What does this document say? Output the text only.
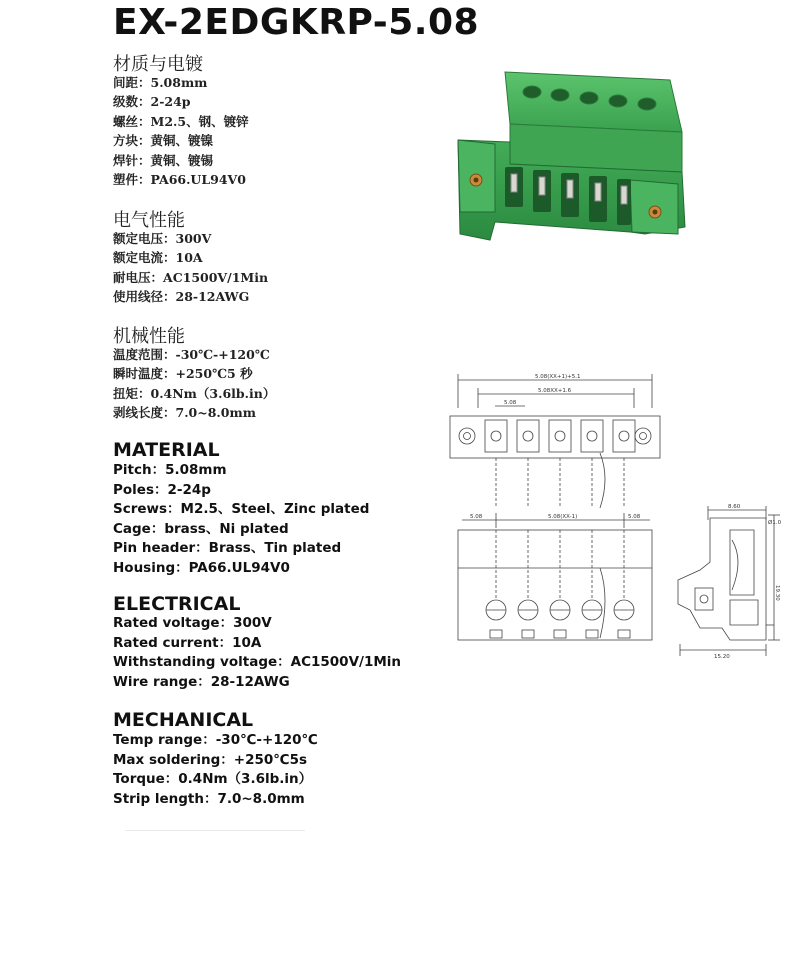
EX-2EDGKRP-5.08
材质与电镀
间距：5.08mm
级数：2-24p
螺丝：M2.5、钢、镀锌
方块：黄铜、镀镍
焊针：黄铜、镀锡
塑件：PA66.UL94V0
电气性能
额定电压：300V
额定电流：10A
耐电压：AC1500V/1Min
使用线径：28-12AWG
机械性能
温度范围：-30℃-+120℃
瞬时温度：+250℃5 秒
扭矩：0.4Nm（3.6lb.in）
剥线长度：7.0~8.0mm
MATERIAL
Pitch：5.08mm
Poles：2-24p
Screws：M2.5、Steel、Zinc plated
Cage：brass、Ni plated
Pin header：Brass、Tin plated
Housing：PA66.UL94V0
ELECTRICAL
Rated voltage：300V
Rated current：10A
Withstanding voltage：AC1500V/1Min
Wire range：28-12AWG
MECHANICAL
Temp range：-30℃-+120℃
Max soldering：+250℃5s
Torque：0.4Nm（3.6lb.in）
Strip length：7.0~8.0mm
5.08(XX+1)+5.1
5.08XX+1.6
5.08
5.08	5.08(XX-1)	5.08
8.60
Ø1.0
19.30
15.20
